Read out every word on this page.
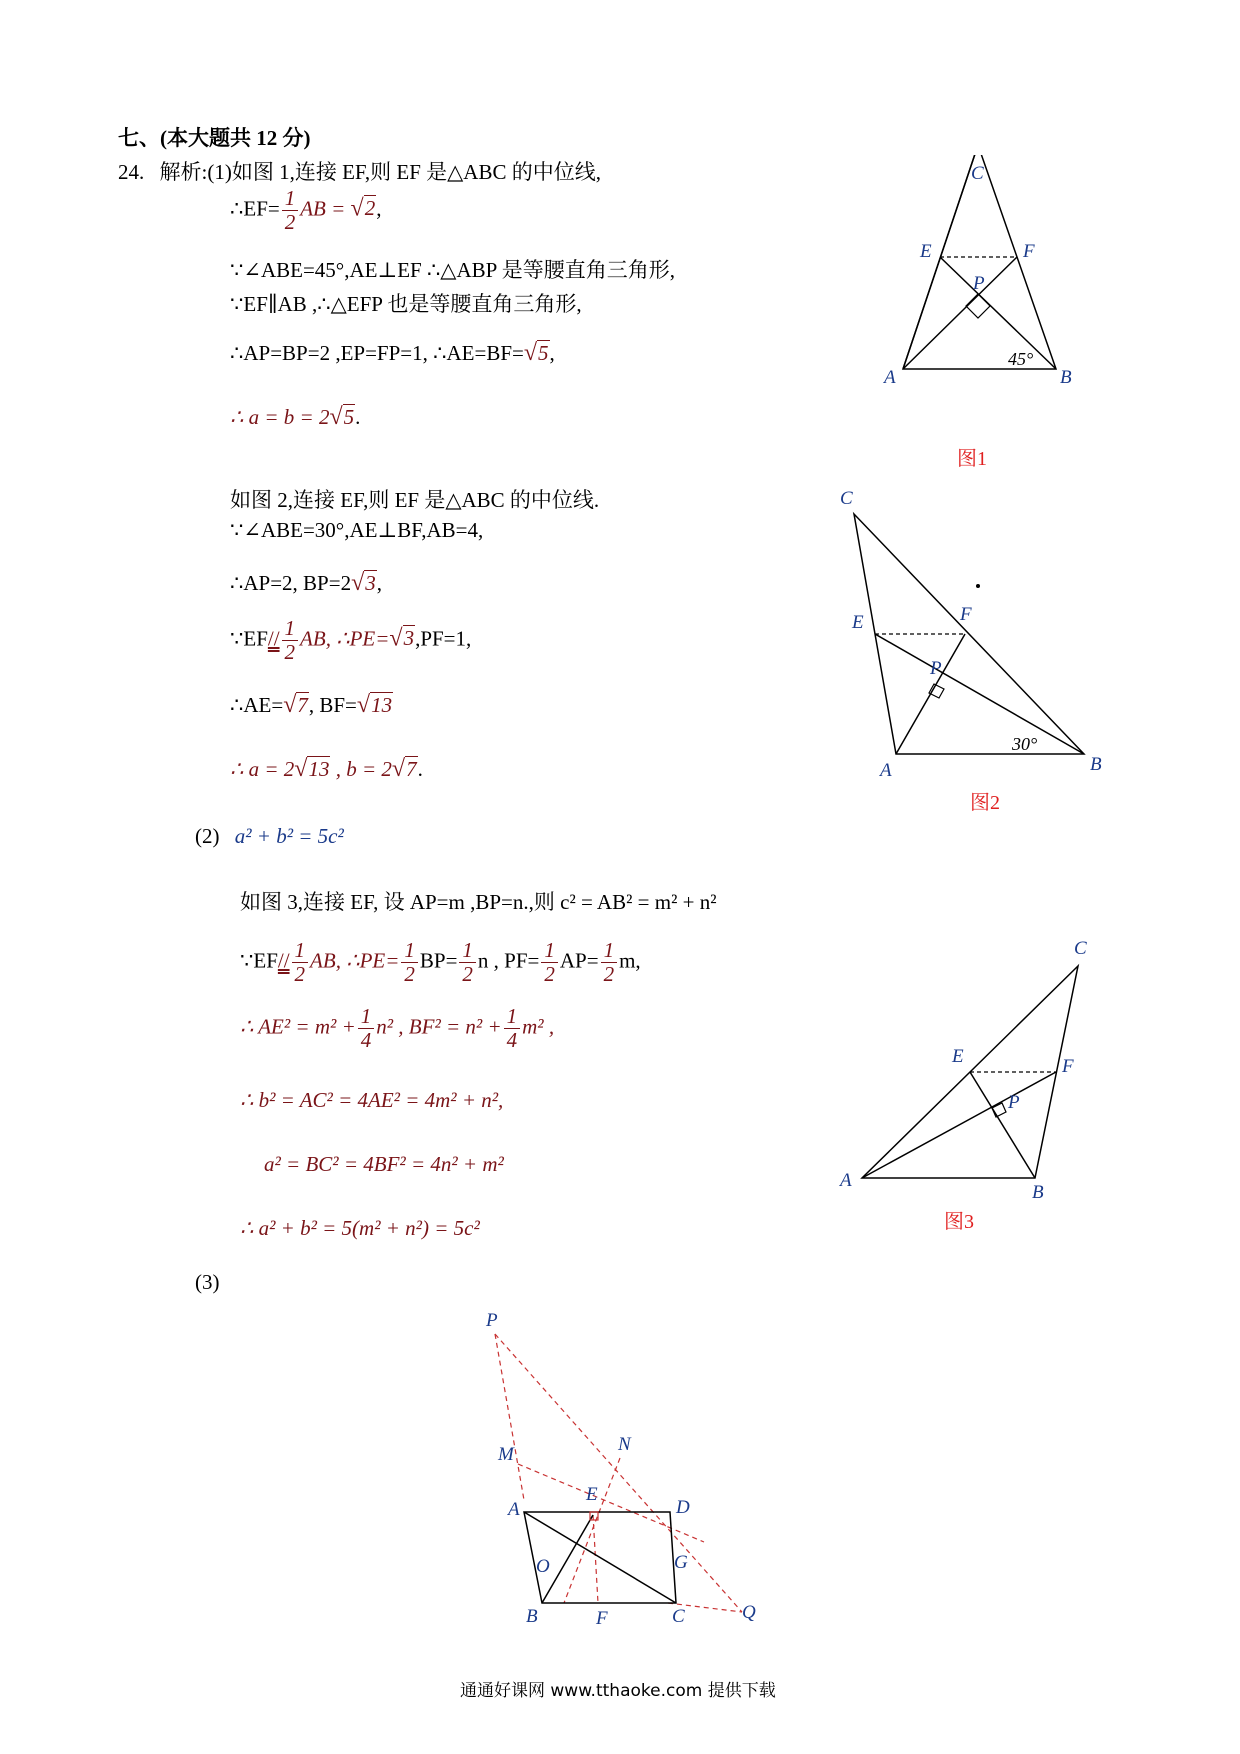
七、(本大题共 12 分)
24. 解析:(1)如图 1,连接 EF,则 EF 是△ABC 的中位线,
∴EF= $\frac{1}{2}$ AB = √2,
∵∠ABE=45°,AE⊥EF ∴△ABP 是等腰直角三角形,
∵EF∥AB ,∴△EFP 也是等腰直角三角形,
∴AP=BP=2 ,EP=FP=1, ∴AE=BF=√5,
∴ a = b = 2√5.
如图 2,连接 EF,则 EF 是△ABC 的中位线.
∵∠ABE=30°,AE⊥BF,AB=4,
∴AP=2, BP=2√3,
∵EF// $\frac{1}{2}$ AB, ∴PE=√3,PF=1,
∴AE=√7, BF=√13
∴ a = 2√13 , b = 2√7.
(2) a² + b² = 5c²
如图 3,连接 EF, 设 AP=m ,BP=n.,则 c² = AB² = m² + n²
∵EF// $\frac{1}{2}$ AB, ∴PE= $\frac{1}{2} BP= \frac{1}{2}$ n , $PF= \frac{1}{2} AP= \frac{1}{2} m$,
∴ $AE^2 = m^2 + \frac{1}{4} n^2$ , $BF^2 = n^2 + \frac{1}{4} m^2$ ,
∴ b² = AC² = 4AE² = 4m² + n²,
a² = BC² = 4BF² = 4n² + m²
∴ a² + b² = 5(m² + n²) = 5c²
(3)
C
E	F
P
A	B
45°
图1
C
E	F
P
A	B
30°
图2
C
E	F
P
A
B
图3
P
M	N
A
E
D
O	G
B	F	C	Q
通通好课网 www.tthaoke.com 提供下载
